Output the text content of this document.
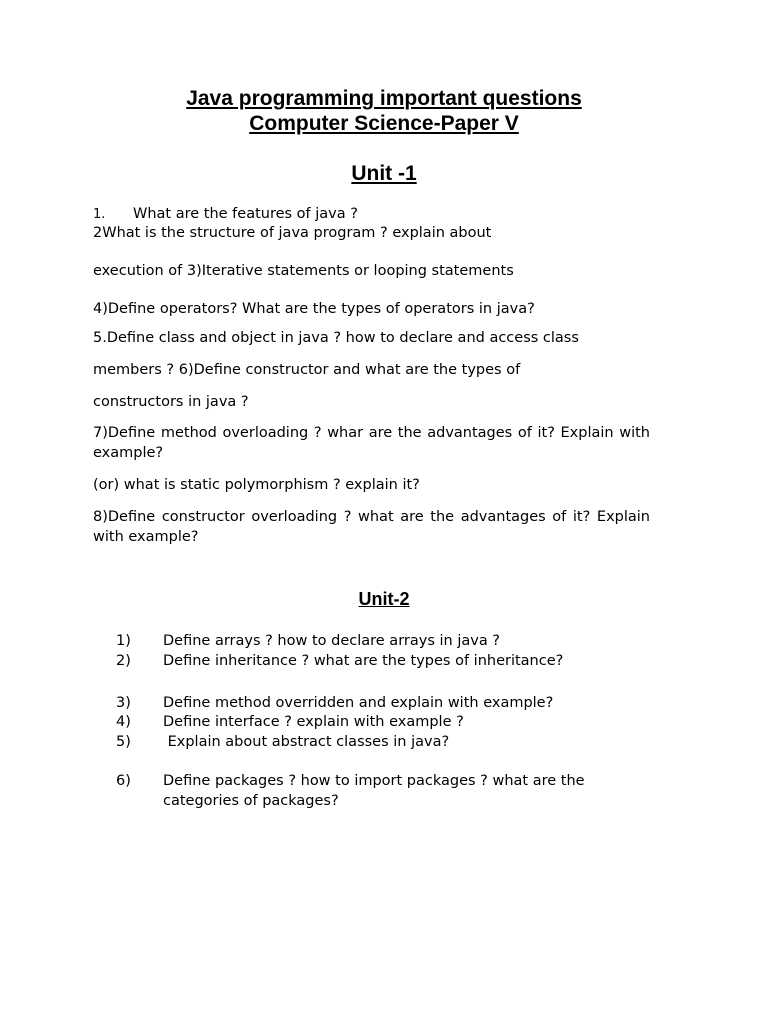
Java programming important questions
Computer Science-Paper V
Unit -1
1. What are the features of java ?

2What is the structure of java program ? explain about

execution of 3)Iterative statements or looping statements

4)Define operators? What are the types of operators in java?

5.Define class and object in java ? how to declare and access class

members ? 6)Define constructor and what are the types of

constructors in java ?

7)Define method overloading ? whar are the advantages of it? Explain with example?

(or) what is static polymorphism ? explain it?

8)Define constructor overloading ? what are the advantages of it? Explain with example?

Unit-2
1) Define arrays ? how to declare arrays in java ?
2) Define inheritance ? what are the types of inheritance?
3) Define method overridden and explain with example?
4) Define interface ? explain with example ?
5) Explain about abstract classes in java?
6) Define packages ? how to import packages ? what are the categories of packages?
